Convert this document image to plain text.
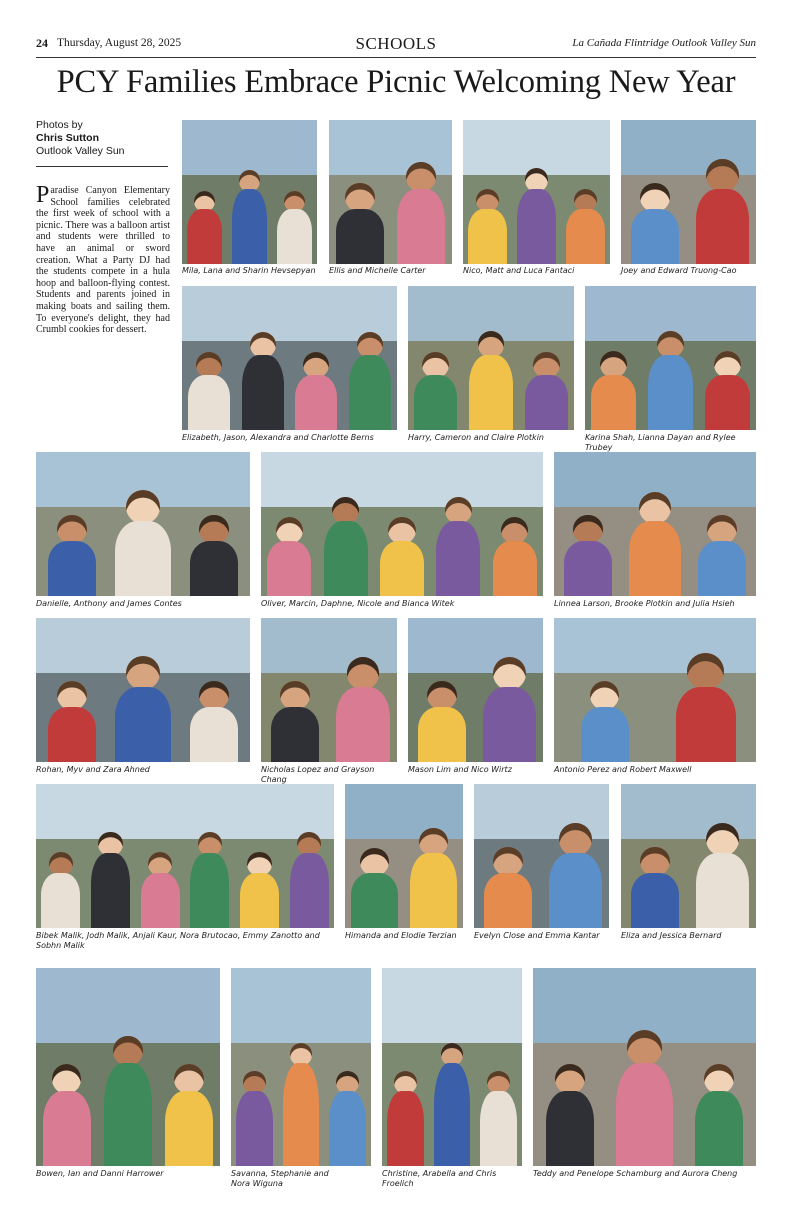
24 Thursday, August 28, 2025	SCHOOLS	La Cañada Flintridge Outlook Valley Sun
PCY Families Embrace Picnic Welcoming New Year
Photos by
Chris Sutton
Outlook Valley Sun
Paradise Canyon Elementary School families celebrated the first week of school with a picnic. There was a balloon artist and students were thrilled to have an animal or sword creation. What a Party DJ had the students compete in a hula hoop and balloon-flying contest. Students and parents joined in making boats and sailing them. To everyone's delight, they had Crumbl cookies for dessert.
Mila, Lana and Sharin Hevsepyan Ellis and Michelle Carter	Nico, Matt and Luca Fantaci	Joey and Edward Truong-Cao
Elizabeth, Jason, Alexandra and Charlotte Berns	Harry, Cameron and Claire Plotkin	Karina Shah, Lianna Dayan and Rylee Trubey
Danielle, Anthony and James Contes	Oliver, Marcin, Daphne, Nicole and Bianca Witek	Linnea Larson, Brooke Plotkin and Julia Hsieh
Rohan, Myv and Zara Ahned	Nicholas Lopez and Grayson Chang
Mason Lim and Nico Wirtz	Antonio Perez and Robert Maxwell
Bibek Malik, Jodh Malik, Anjali Kaur, Nora Brutocao, Emmy Zanotto and Sobhn Malik
Himanda and Elodie Terzian	Evelyn Close and Emma Kantar	Eliza and Jessica Bernard
Bowen, Ian and Danni Harrower	Savanna, Stephanie and Nora Wiguna
Christine, Arabella and Chris Froelich
Teddy and Penelope Schamburg and Aurora Cheng
